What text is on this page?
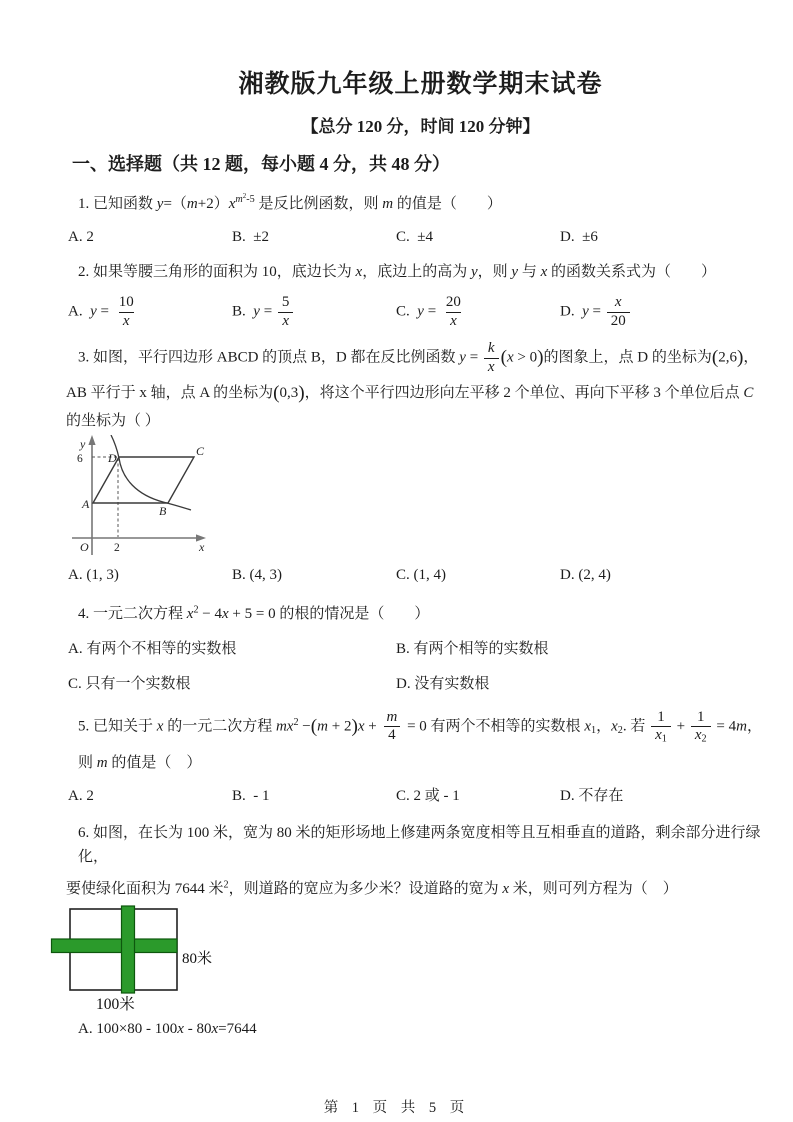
湘教版九年级上册数学期末试卷
【总分 120 分，时间 120 分钟】
一、选择题（共 12 题，每小题 4 分，共 48 分）
1. 已知函数 $y=(m+2)x^{m^2-5}$ 是反比例函数，则 m 的值是（　　）
A. 2	B.  ±2	C.  ±4	D.  ±6
2. 如果等腰三角形的面积为 10，底边长为 x，底边上的高为 y，则 y 与 x 的函数关系式为（　　）
A.  $y = \frac{10}{x}$	B.  $y = \frac{5}{x}$	C.  $y = \frac{20}{x}$	D.  $y = \frac{x}{20}$
3. 如图，平行四边形 ABCD 的顶点 B，D 都在反比例函数 $y = \frac{k}{x} (x > 0)$的图象上，点 D 的坐标为(2,6)，
AB 平行于 x 轴，点 A 的坐标为(0,3)，将这个平行四边形向左平移 2 个单位、再向下平移 3 个单位后点 C
的坐标为（ ）
y
x
O
6
2
A	B
C
D
A. (1, 3)	B. (4, 3)	C. (1, 4)	D. (2, 4)
4. 一元二次方程 $x^2 - 4x + 5 = 0$ 的根的情况是（　　）
A. 有两个不相等的实数根	B. 有两个相等的实数根
C. 只有一个实数根	D. 没有实数根
5. 已知关于 x 的一元二次方程 $mx^2 -(m + 2)x + \frac{m}{4} = 0$ 有两个不相等的实数根 $x_1$，$x_2$. 若 $\frac{1}{x_1} + \frac{1}{x_2} = 4m$，
则 m 的值是（　）
A. 2	B.  - 1	C. 2 或 - 1	D. 不存在
6. 如图，在长为 100 米，宽为 80 米的矩形场地上修建两条宽度相等且互相垂直的道路，剩余部分进行绿化，
要使绿化面积为 7644 米$^2$，则道路的宽应为多少米？设道路的宽为 x 米，则可列方程为（　）
80米
100米
A. 100×80 - 100x - 80x=7644
第 1 页 共 5 页
